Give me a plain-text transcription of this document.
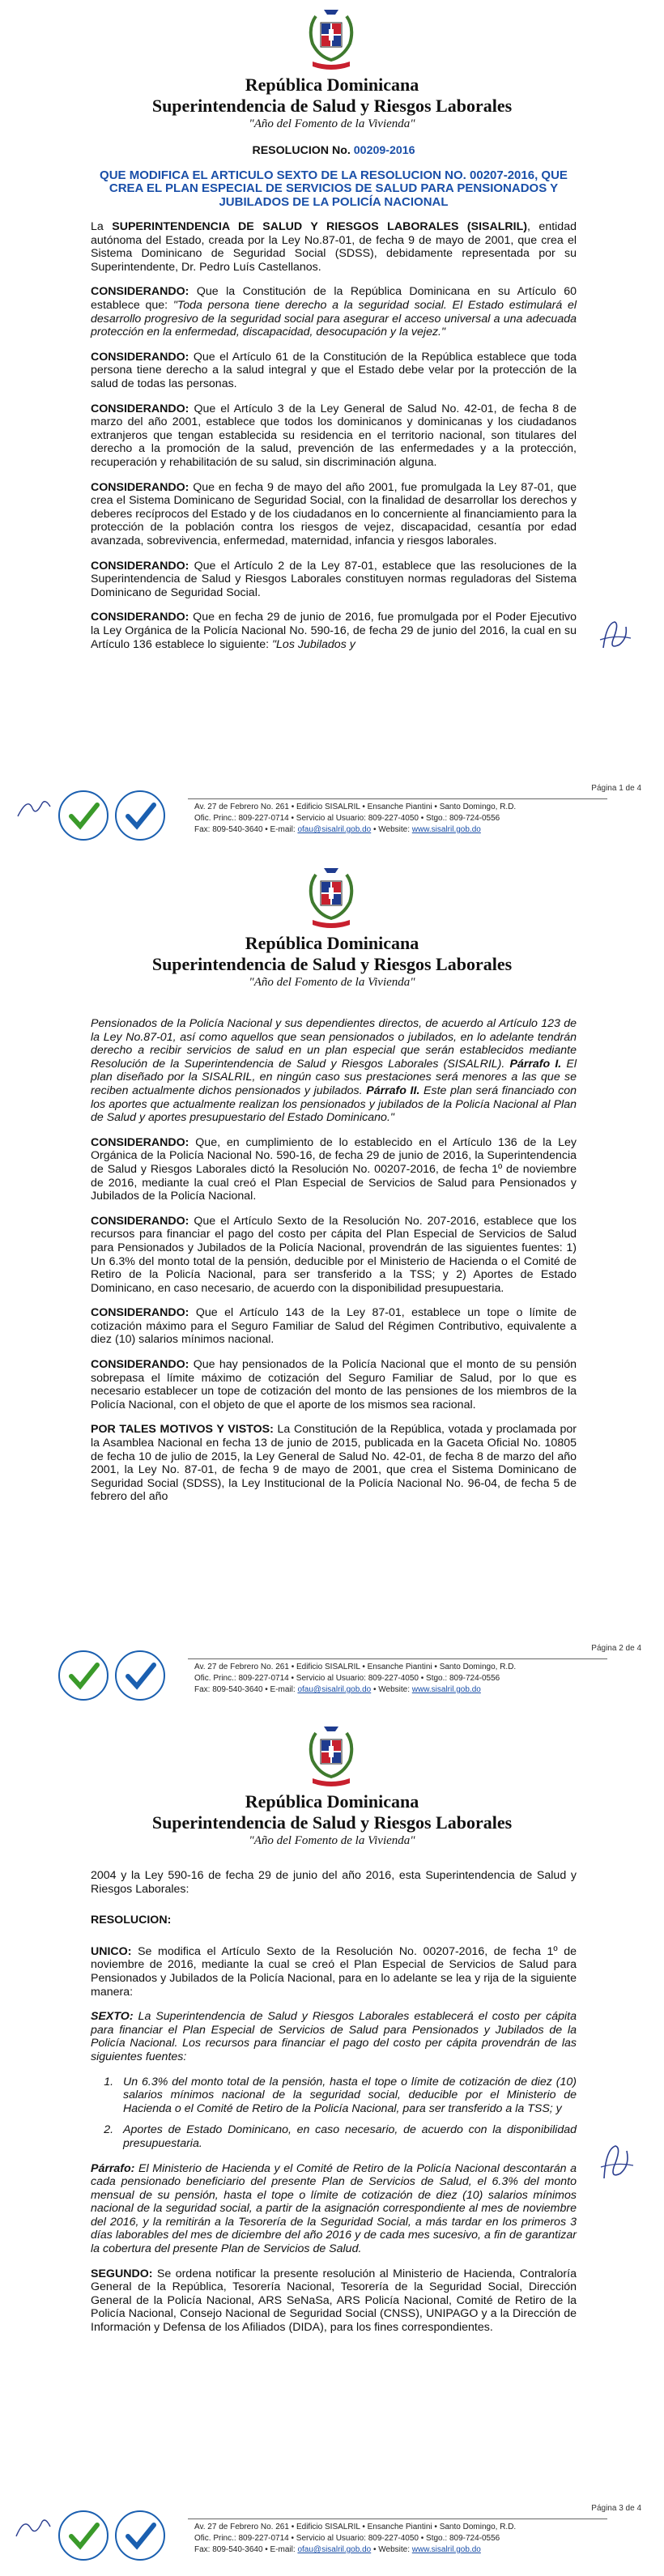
República Dominicana
Superintendencia de Salud y Riesgos Laborales
"Año del Fomento de la Vivienda"

RESOLUCION No. 00209-2016

QUE MODIFICA EL ARTICULO SEXTO DE LA RESOLUCION NO. 00207-2016, QUE CREA EL PLAN ESPECIAL DE SERVICIOS DE SALUD PARA PENSIONADOS Y JUBILADOS DE LA POLICÍA NACIONAL

La SUPERINTENDENCIA DE SALUD Y RIESGOS LABORALES (SISALRIL), entidad autónoma del Estado, creada por la Ley No.87-01, de fecha 9 de mayo de 2001, que crea el Sistema Dominicano de Seguridad Social (SDSS), debidamente representada por su Superintendente, Dr. Pedro Luís Castellanos.

CONSIDERANDO: Que la Constitución de la República Dominicana en su Artículo 60 establece que: "Toda persona tiene derecho a la seguridad social. El Estado estimulará el desarrollo progresivo de la seguridad social para asegurar el acceso universal a una adecuada protección en la enfermedad, discapacidad, desocupación y la vejez."

CONSIDERANDO: Que el Artículo 61 de la Constitución de la República establece que toda persona tiene derecho a la salud integral y que el Estado debe velar por la protección de la salud de todas las personas.

CONSIDERANDO: Que el Artículo 3 de la Ley General de Salud No. 42-01, de fecha 8 de marzo del año 2001, establece que todos los dominicanos y dominicanas y los ciudadanos extranjeros que tengan establecida su residencia en el territorio nacional, son titulares del derecho a la promoción de la salud, prevención de las enfermedades y a la protección, recuperación y rehabilitación de su salud, sin discriminación alguna.

CONSIDERANDO: Que en fecha 9 de mayo del año 2001, fue promulgada la Ley 87-01, que crea el Sistema Dominicano de Seguridad Social, con la finalidad de desarrollar los derechos y deberes recíprocos del Estado y de los ciudadanos en lo concerniente al financiamiento para la protección de la población contra los riesgos de vejez, discapacidad, cesantía por edad avanzada, sobrevivencia, enfermedad, maternidad, infancia y riesgos laborales.

CONSIDERANDO: Que el Artículo 2 de la Ley 87-01, establece que las resoluciones de la Superintendencia de Salud y Riesgos Laborales constituyen normas reguladoras del Sistema Dominicano de Seguridad Social.

CONSIDERANDO: Que en fecha 29 de junio de 2016, fue promulgada por el Poder Ejecutivo la Ley Orgánica de la Policía Nacional No. 590-16, de fecha 29 de junio del 2016, la cual en su Artículo 136 establece lo siguiente: "Los Jubilados y

Página 1 de 4
Av. 27 de Febrero No. 261 • Edificio SISALRIL • Ensanche Piantini • Santo Domingo, R.D.
Ofic. Princ.: 809-227-0714 • Servicio al Usuario: 809-227-4050 • Stgo.: 809-724-0556
Fax: 809-540-3640 • E-mail: ofau@sisalril.gob.do • Website: www.sisalril.gob.do
República Dominicana
Superintendencia de Salud y Riesgos Laborales
"Año del Fomento de la Vivienda"

Pensionados de la Policía Nacional y sus dependientes directos, de acuerdo al Artículo 123 de la Ley No.87-01, así como aquellos que sean pensionados o jubilados, en lo adelante tendrán derecho a recibir servicios de salud en un plan especial que serán establecidos mediante Resolución de la Superintendencia de Salud y Riesgos Laborales (SISALRIL). Párrafo I. El plan diseñado por la SISALRIL, en ningún caso sus prestaciones será menores a las que se reciben actualmente dichos pensionados y jubilados. Párrafo II. Este plan será financiado con los aportes que actualmente realizan los pensionados y jubilados de la Policía Nacional al Plan de Salud y aportes presupuestario del Estado Dominicano."

CONSIDERANDO: Que, en cumplimiento de lo establecido en el Artículo 136 de la Ley Orgánica de la Policía Nacional No. 590-16, de fecha 29 de junio de 2016, la Superintendencia de Salud y Riesgos Laborales dictó la Resolución No. 00207-2016, de fecha 1º de noviembre de 2016, mediante la cual creó el Plan Especial de Servicios de Salud para Pensionados y Jubilados de la Policía Nacional.

CONSIDERANDO: Que el Artículo Sexto de la Resolución No. 207-2016, establece que los recursos para financiar el pago del costo per cápita del Plan Especial de Servicios de Salud para Pensionados y Jubilados de la Policía Nacional, provendrán de las siguientes fuentes: 1) Un 6.3% del monto total de la pensión, deducible por el Ministerio de Hacienda o el Comité de Retiro de la Policía Nacional, para ser transferido a la TSS; y 2) Aportes de Estado Dominicano, en caso necesario, de acuerdo con la disponibilidad presupuestaria.

CONSIDERANDO: Que el Artículo 143 de la Ley 87-01, establece un tope o límite de cotización máximo para el Seguro Familiar de Salud del Régimen Contributivo, equivalente a diez (10) salarios mínimos nacional.

CONSIDERANDO: Que hay pensionados de la Policía Nacional que el monto de su pensión sobrepasa el límite máximo de cotización del Seguro Familiar de Salud, por lo que es necesario establecer un tope de cotización del monto de las pensiones de los miembros de la Policía Nacional, con el objeto de que el aporte de los mismos sea racional.

POR TALES MOTIVOS Y VISTOS: La Constitución de la República, votada y proclamada por la Asamblea Nacional en fecha 13 de junio de 2015, publicada en la Gaceta Oficial No. 10805 de fecha 10 de julio de 2015, la Ley General de Salud No. 42-01, de fecha 8 de marzo del año 2001, la Ley No. 87-01, de fecha 9 de mayo de 2001, que crea el Sistema Dominicano de Seguridad Social (SDSS), la Ley Institucional de la Policía Nacional No. 96-04, de fecha 5 de febrero del año

Página 2 de 4
Av. 27 de Febrero No. 261 • Edificio SISALRIL • Ensanche Piantini • Santo Domingo, R.D.
Ofic. Princ.: 809-227-0714 • Servicio al Usuario: 809-227-4050 • Stgo.: 809-724-0556
Fax: 809-540-3640 • E-mail: ofau@sisalril.gob.do • Website: www.sisalril.gob.do
República Dominicana
Superintendencia de Salud y Riesgos Laborales
"Año del Fomento de la Vivienda"

2004 y la Ley 590-16 de fecha 29 de junio del año 2016, esta Superintendencia de Salud y Riesgos Laborales:

RESOLUCION:

UNICO: Se modifica el Artículo Sexto de la Resolución No. 00207-2016, de fecha 1º de noviembre de 2016, mediante la cual se creó el Plan Especial de Servicios de Salud para Pensionados y Jubilados de la Policía Nacional, para en lo adelante se lea y rija de la siguiente manera:

SEXTO: La Superintendencia de Salud y Riesgos Laborales establecerá el costo per cápita para financiar el Plan Especial de Servicios de Salud para Pensionados y Jubilados de la Policía Nacional. Los recursos para financiar el pago del costo per cápita provendrán de las siguientes fuentes:

1. Un 6.3% del monto total de la pensión, hasta el tope o límite de cotización de diez (10) salarios mínimos nacional de la seguridad social, deducible por el Ministerio de Hacienda o el Comité de Retiro de la Policía Nacional, para ser transferido a la TSS; y
2. Aportes de Estado Dominicano, en caso necesario, de acuerdo con la disponibilidad presupuestaria.

Párrafo: El Ministerio de Hacienda y el Comité de Retiro de la Policía Nacional descontarán a cada pensionado beneficiario del presente Plan de Servicios de Salud, el 6.3% del monto mensual de su pensión, hasta el tope o límite de cotización de diez (10) salarios mínimos nacional de la seguridad social, a partir de la asignación correspondiente al mes de noviembre del 2016, y la remitirán a la Tesorería de la Seguridad Social, a más tardar en los primeros 3 días laborables del mes de diciembre del año 2016 y de cada mes sucesivo, a fin de garantizar la cobertura del presente Plan de Servicios de Salud.

SEGUNDO: Se ordena notificar la presente resolución al Ministerio de Hacienda, Contraloría General de la República, Tesorería Nacional, Tesorería de la Seguridad Social, Dirección General de la Policía Nacional, ARS SeNaSa, ARS Policía Nacional, Comité de Retiro de la Policía Nacional, Consejo Nacional de Seguridad Social (CNSS), UNIPAGO y a la Dirección de Información y Defensa de los Afiliados (DIDA), para los fines correspondientes.

Página 3 de 4
Av. 27 de Febrero No. 261 • Edificio SISALRIL • Ensanche Piantini • Santo Domingo, R.D.
Ofic. Princ.: 809-227-0714 • Servicio al Usuario: 809-227-4050 • Stgo.: 809-724-0556
Fax: 809-540-3640 • E-mail: ofau@sisalril.gob.do • Website: www.sisalril.gob.do
